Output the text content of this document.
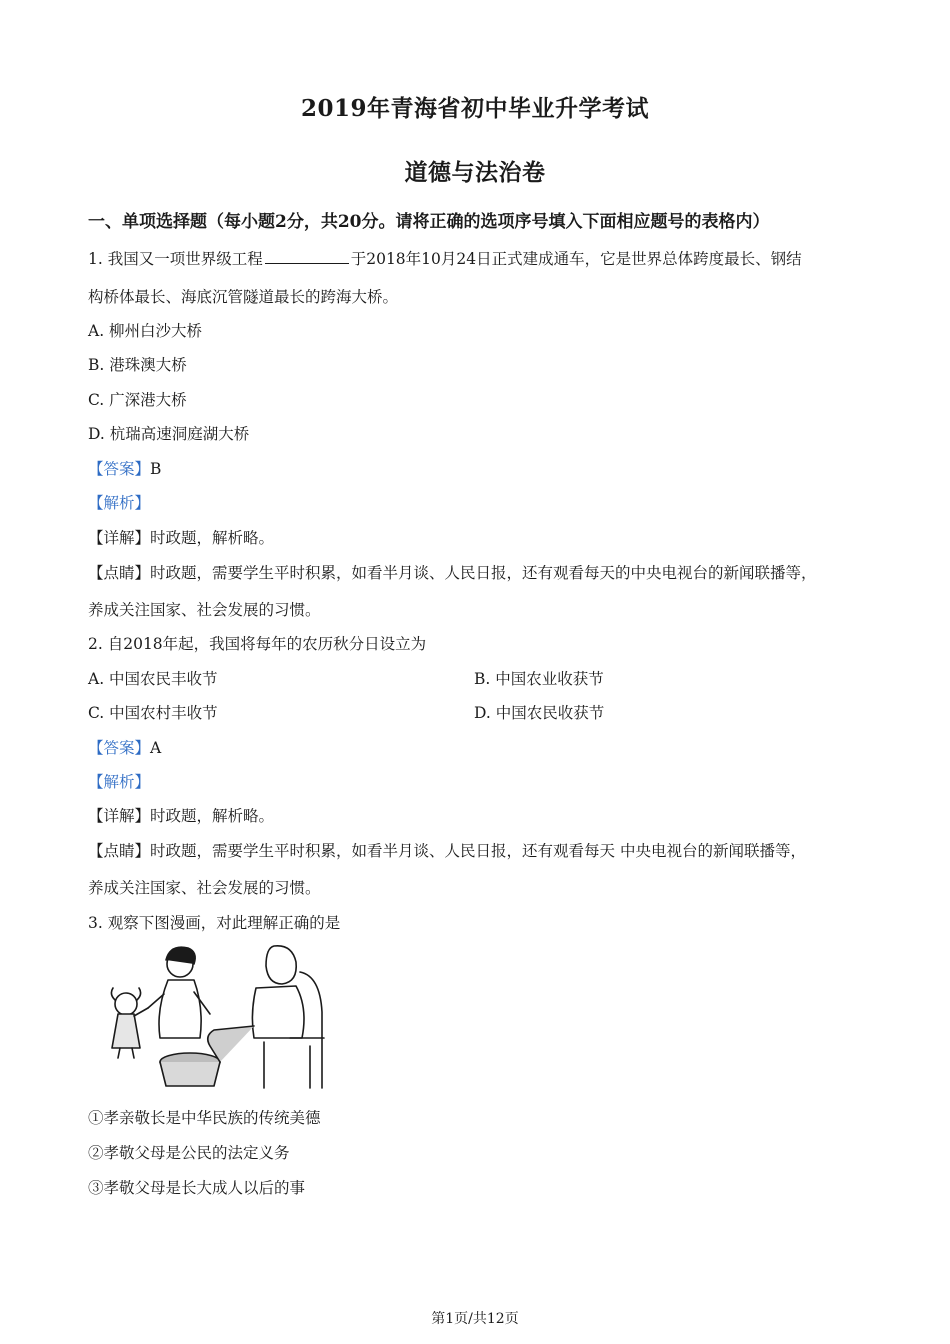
2019年青海省初中毕业升学考试
道德与法治卷
一、单项选择题（每小题2分，共20分。请将正确的选项序号填入下面相应题号的表格内）
1. 我国又一项世界级工程	于2018年10月24日正式建成通车，它是世界总体跨度最长、钢结
构桥体最长、海底沉管隧道最长的跨海大桥。
A. 柳州白沙大桥
B. 港珠澳大桥
C. 广深港大桥
D. 杭瑞高速洞庭湖大桥
【答案】B
【解析】
【详解】时政题，解析略。
【点睛】时政题，需要学生平时积累，如看半月谈、人民日报，还有观看每天的中央电视台的新闻联播等，
养成关注国家、社会发展的习惯。
2. 自2018年起，我国将每年的农历秋分日设立为
A. 中国农民丰收节	B. 中国农业收获节
C. 中国农村丰收节	D. 中国农民收获节
【答案】A
【解析】
【详解】时政题，解析略。
【点睛】时政题，需要学生平时积累，如看半月谈、人民日报，还有观看每天 中央电视台的新闻联播等，
养成关注国家、社会发展的习惯。
3. 观察下图漫画，对此理解正确的是
①孝亲敬长是中华民族的传统美德
②孝敬父母是公民的法定义务
③孝敬父母是长大成人以后的事
第1页/共12页
